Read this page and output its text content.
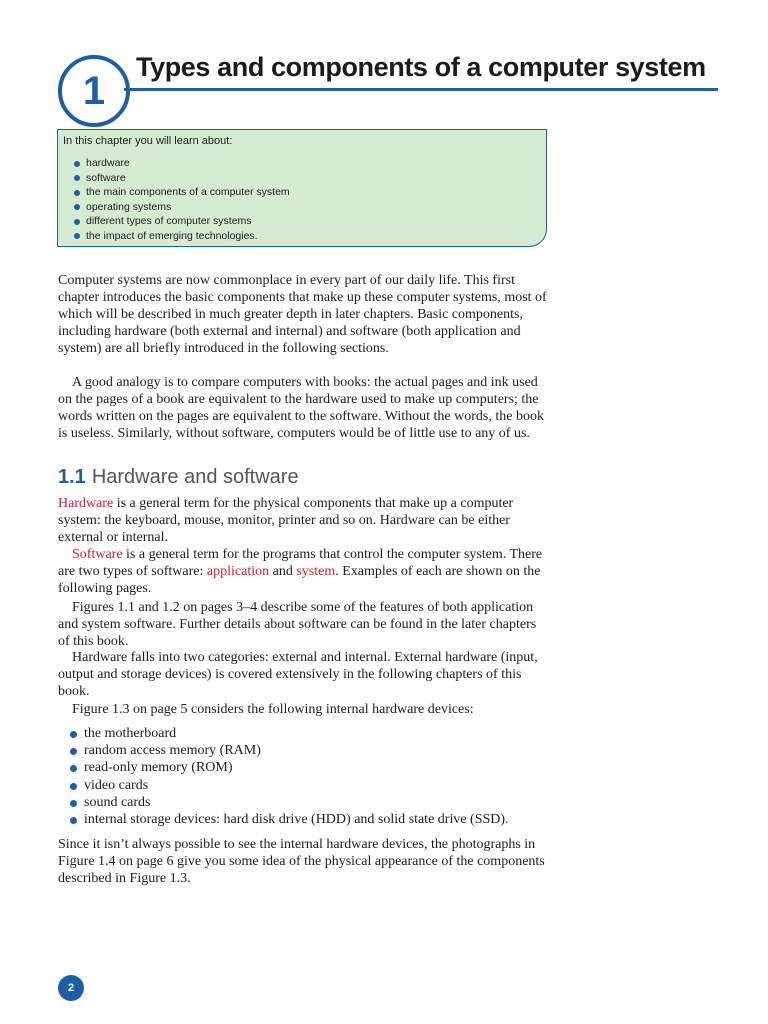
1
Types and components of a computer system
In this chapter you will learn about:
hardware
software
the main components of a computer system
operating systems
different types of computer systems
the impact of emerging technologies.

Computer systems are now commonplace in every part of our daily life. This first chapter introduces the basic components that make up these computer systems, most of which will be described in much greater depth in later chapters. Basic components, including hardware (both external and internal) and software (both application and system) are all briefly introduced in the following sections.

A good analogy is to compare computers with books: the actual pages and ink used on the pages of a book are equivalent to the hardware used to make up computers; the words written on the pages are equivalent to the software. Without the words, the book is useless. Similarly, without software, computers would be of little use to any of us.

1.1 Hardware and software

Hardware is a general term for the physical components that make up a computer system: the keyboard, mouse, monitor, printer and so on. Hardware can be either external or internal.

Software is a general term for the programs that control the computer system. There are two types of software: application and system. Examples of each are shown on the following pages.

Figures 1.1 and 1.2 on pages 3–4 describe some of the features of both application and system software. Further details about software can be found in the later chapters of this book.

Hardware falls into two categories: external and internal. External hardware (input, output and storage devices) is covered extensively in the following chapters of this book.

Figure 1.3 on page 5 considers the following internal hardware devices:

the motherboard
random access memory (RAM)
read-only memory (ROM)
video cards
sound cards
internal storage devices: hard disk drive (HDD) and solid state drive (SSD).

Since it isn’t always possible to see the internal hardware devices, the photographs in Figure 1.4 on page 6 give you some idea of the physical appearance of the components described in Figure 1.3.

2
